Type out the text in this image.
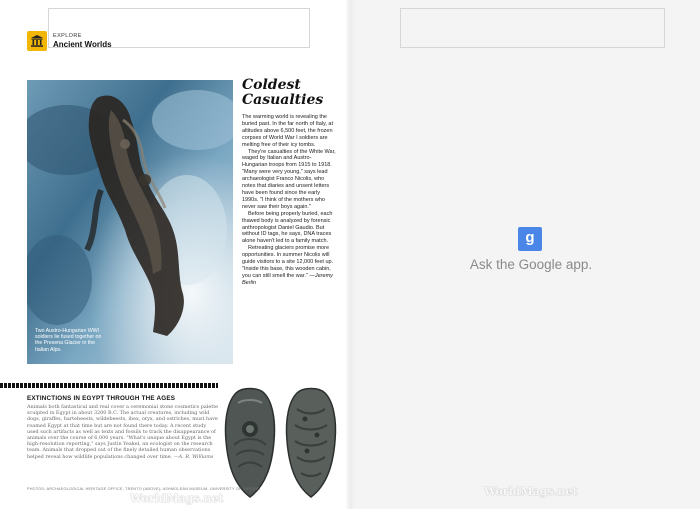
EXPLORE
Ancient Worlds
Two Austro-Hungarian WWI soldiers lie fused together on the Presena Glacier in the Italian Alps.
Coldest Casualties

The warming world is revealing the buried past. In the far north of Italy, at altitudes above 6,500 feet, the frozen corpses of World War I soldiers are melting free of their icy tombs.

They're casualties of the White War, waged by Italian and Austro-Hungarian troops from 1915 to 1918. "Many were very young," says lead archaeologist Franco Nicolis, who notes that diaries and unsent letters have been found since the early 1990s. "I think of the mothers who never saw their boys again."

Before being properly buried, each thawed body is analyzed by forensic anthropologist Daniel Gaudio. But without ID tags, he says, DNA traces alone haven't led to a family match.

Retreating glaciers promise more opportunities. In summer Nicolis will guide visitors to a site 12,000 feet up. "Inside this base, this wooden cabin, you can still smell the war." —Jeremy Berlin

EXTINCTIONS IN EGYPT THROUGH THE AGES
Animals both fantastical and real cover a ceremonial stone cosmetics palette sculpted in Egypt in about 3200 B.C. The actual creatures, including wild dogs, giraffes, hartebeests, wildebeests, ibex, oryx, and ostriches, must have roamed Egypt at that time but are not found there today. A recent study used such artifacts as well as texts and fossils to track the disappearance of animals over the course of 6,000 years. "What's unique about Egypt is the high-resolution reporting," says Justin Yeakel, an ecologist on the research team. Animals that dropped out of the finely detailed human observations helped reveal how wildlife populations changed over time. —A. R. Williams
PHOTOS: ARCHAEOLOGICAL HERITAGE OFFICE, TRENTO (ABOVE); ASHMOLEAN MUSEUM, UNIVERSITY OF OXFORD
WorldMags.net
g
Ask the Google app.
WorldMags.net
